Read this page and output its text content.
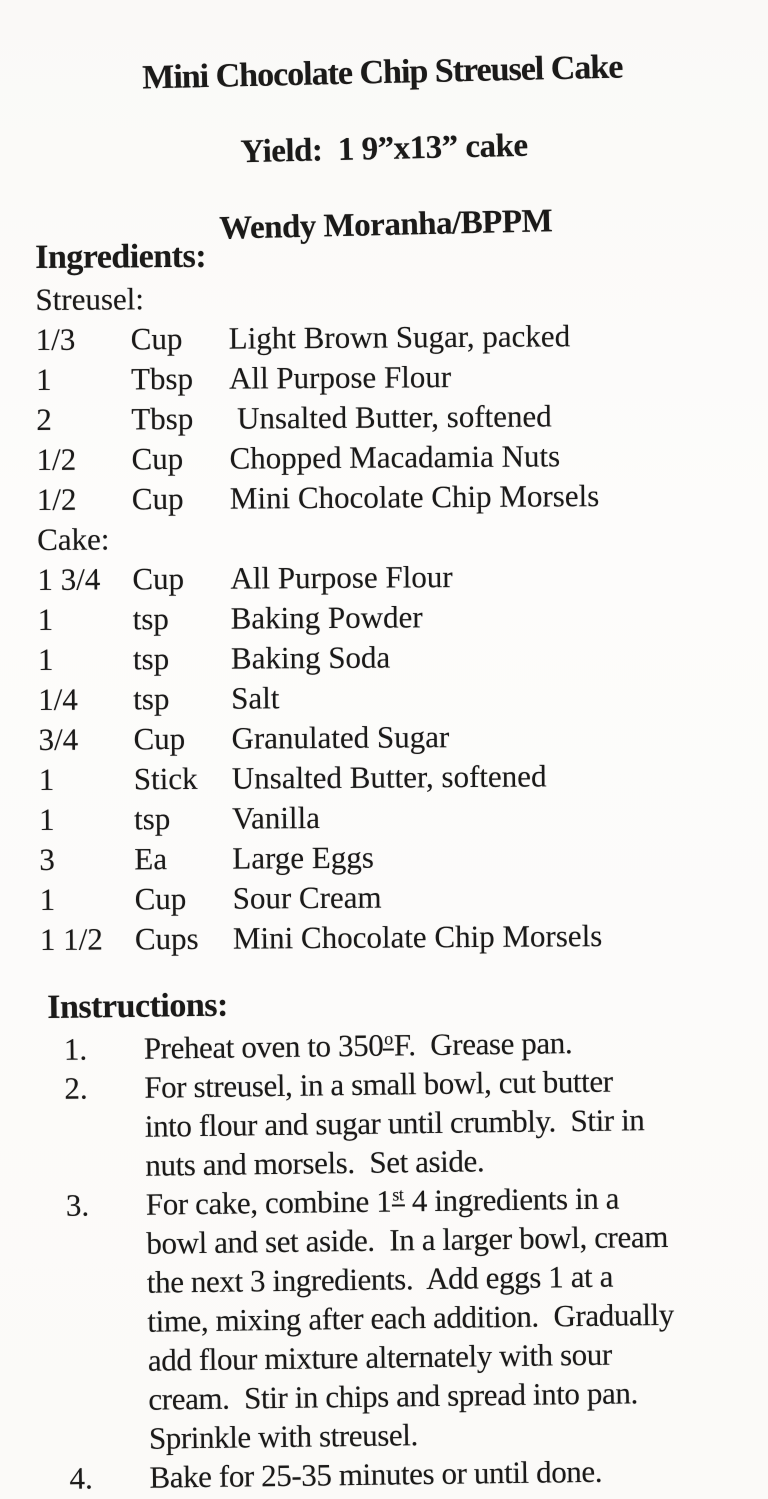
Mini Chocolate Chip Streusel Cake

Yield:  1 9”x13” cake

Wendy Moranha/BPPM

Ingredients:
Streusel:
1/3	Cup	Light Brown Sugar, packed
1	Tbsp	All Purpose Flour
2	Tbsp	Unsalted Butter, softened
1/2	Cup	Chopped Macadamia Nuts
1/2	Cup	Mini Chocolate Chip Morsels
Cake:
1 3/4	Cup	All Purpose Flour
1	tsp	Baking Powder
1	tsp	Baking Soda
1/4	tsp	Salt
3/4	Cup	Granulated Sugar
1	Stick	Unsalted Butter, softened
1	tsp	Vanilla
3	Ea	Large Eggs
1	Cup	Sour Cream
1 1/2	Cups	Mini Chocolate Chip Morsels
Instructions:
1.	Preheat oven to 350$^o$F.  Grease pan.
2.	For streusel, in a small bowl, cut butter
into flour and sugar until crumbly.  Stir in
nuts and morsels.  Set aside.
3.	For cake, combine 1st 4 ingredients in a
bowl and set aside.  In a larger bowl, cream
the next 3 ingredients.  Add eggs 1 at a
time, mixing after each addition.  Gradually
add flour mixture alternately with sour
cream.  Stir in chips and spread into pan.
Sprinkle with streusel.
4.	Bake for 25-35 minutes or until done.
